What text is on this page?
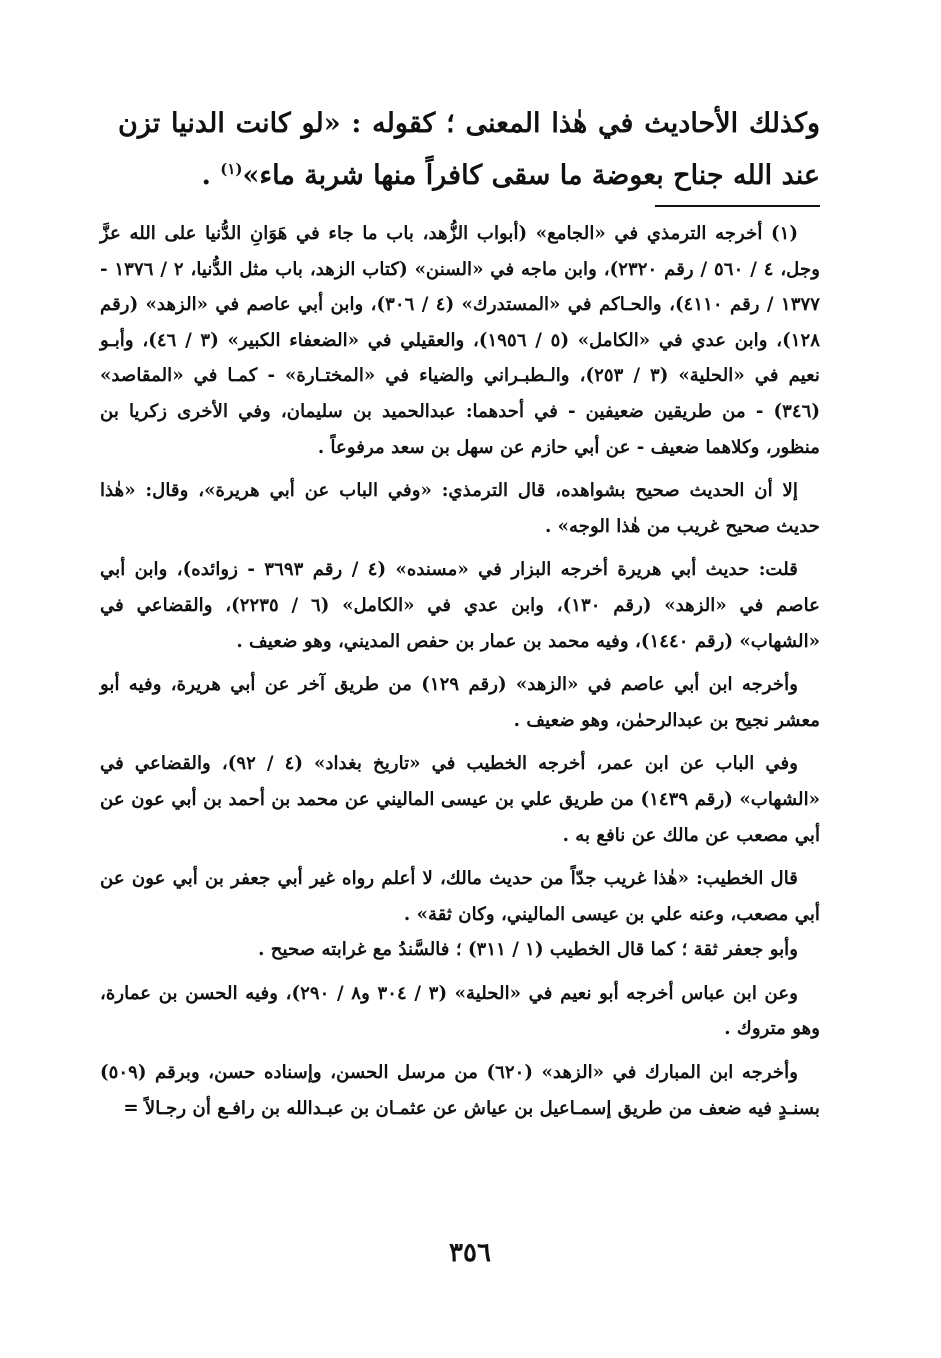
وكذلك الأحاديث في هٰذا المعنى ؛ كقوله : «لو كانت الدنيا تزن عند الله جناح بعوضة ما سقى كافراً منها شربة ماء»$^{(١)}$ .

(١) أخرجه الترمذي في «الجامع» (أبواب الزُّهد، باب ما جاء في هَوَانِ الدُّنيا على الله عزَّ وجل، ٤ / ٥٦٠ / رقم ٢٣٢٠)، وابن ماجه في «السنن» (كتاب الزهد، باب مثل الدُّنيا، ٢ / ١٣٧٦ - ١٣٧٧ / رقم ٤١١٠)، والحـاكم في «المستدرك» (٤ / ٣٠٦)، وابن أبي عاصم في «الزهد» (رقم ١٢٨)، وابن عدي في «الكامل» (٥ / ١٩٥٦)، والعقيلي في «الضعفاء الكبير» (٣ / ٤٦)، وأبـو نعيم في «الحلية» (٣ / ٢٥٣)، والـطبـراني والضياء في «المختـارة» - كمـا في «المقاصد» (٣٤٦) - من طريقين ضعيفين - في أحدهما: عبدالحميد بن سليمان، وفي الأخرى زكريا بن منظور، وكلاهما ضعيف - عن أبي حازم عن سهل بن سعد مرفوعاً .

إلا أن الحديث صحيح بشواهده، قال الترمذي: «وفي الباب عن أبي هريرة»، وقال: «هٰذا حديث صحيح غريب من هٰذا الوجه» .

قلت: حديث أبي هريرة أخرجه البزار في «مسنده» (٤ / رقم ٣٦٩٣ - زوائده)، وابن أبي عاصم في «الزهد» (رقم ١٣٠)، وابن عدي في «الكامل» (٦ / ٢٢٣٥)، والقضاعي في «الشهاب» (رقم ١٤٤٠)، وفيه محمد بن عمار بن حفص المديني، وهو ضعيف .

وأخرجه ابن أبي عاصم في «الزهد» (رقم ١٢٩) من طريق آخر عن أبي هريرة، وفيه أبو معشر نجيح بن عبدالرحمٰن، وهو ضعيف .

وفي الباب عن ابن عمر، أخرجه الخطيب في «تاريخ بغداد» (٤ / ٩٢)، والقضاعي في «الشهاب» (رقم ١٤٣٩) من طريق علي بن عيسى الماليني عن محمد بن أحمد بن أبي عون عن أبي مصعب عن مالك عن نافع به .

قال الخطيب: «هٰذا غريب جدّاً من حديث مالك، لا أعلم رواه غير أبي جعفر بن أبي عون عن أبي مصعب، وعنه علي بن عيسى الماليني، وكان ثقة» .

وأبو جعفر ثقة ؛ كما قال الخطيب (١ / ٣١١) ؛ فالسَّندُ مع غرابته صحيح .

وعن ابن عباس أخرجه أبو نعيم في «الحلية» (٣ / ٣٠٤ و٨ / ٢٩٠)، وفيه الحسن بن عمارة، وهو متروك .

وأخرجه ابن المبارك في «الزهد» (٦٢٠) من مرسل الحسن، وإسناده حسن، وبرقم (٥٠٩) بسنـدٍ فيه ضعف من طريق إسمـاعيل بن عياش عن عثمـان بن عبـدالله بن رافـع أن رجـالاً =

٣٥٦
